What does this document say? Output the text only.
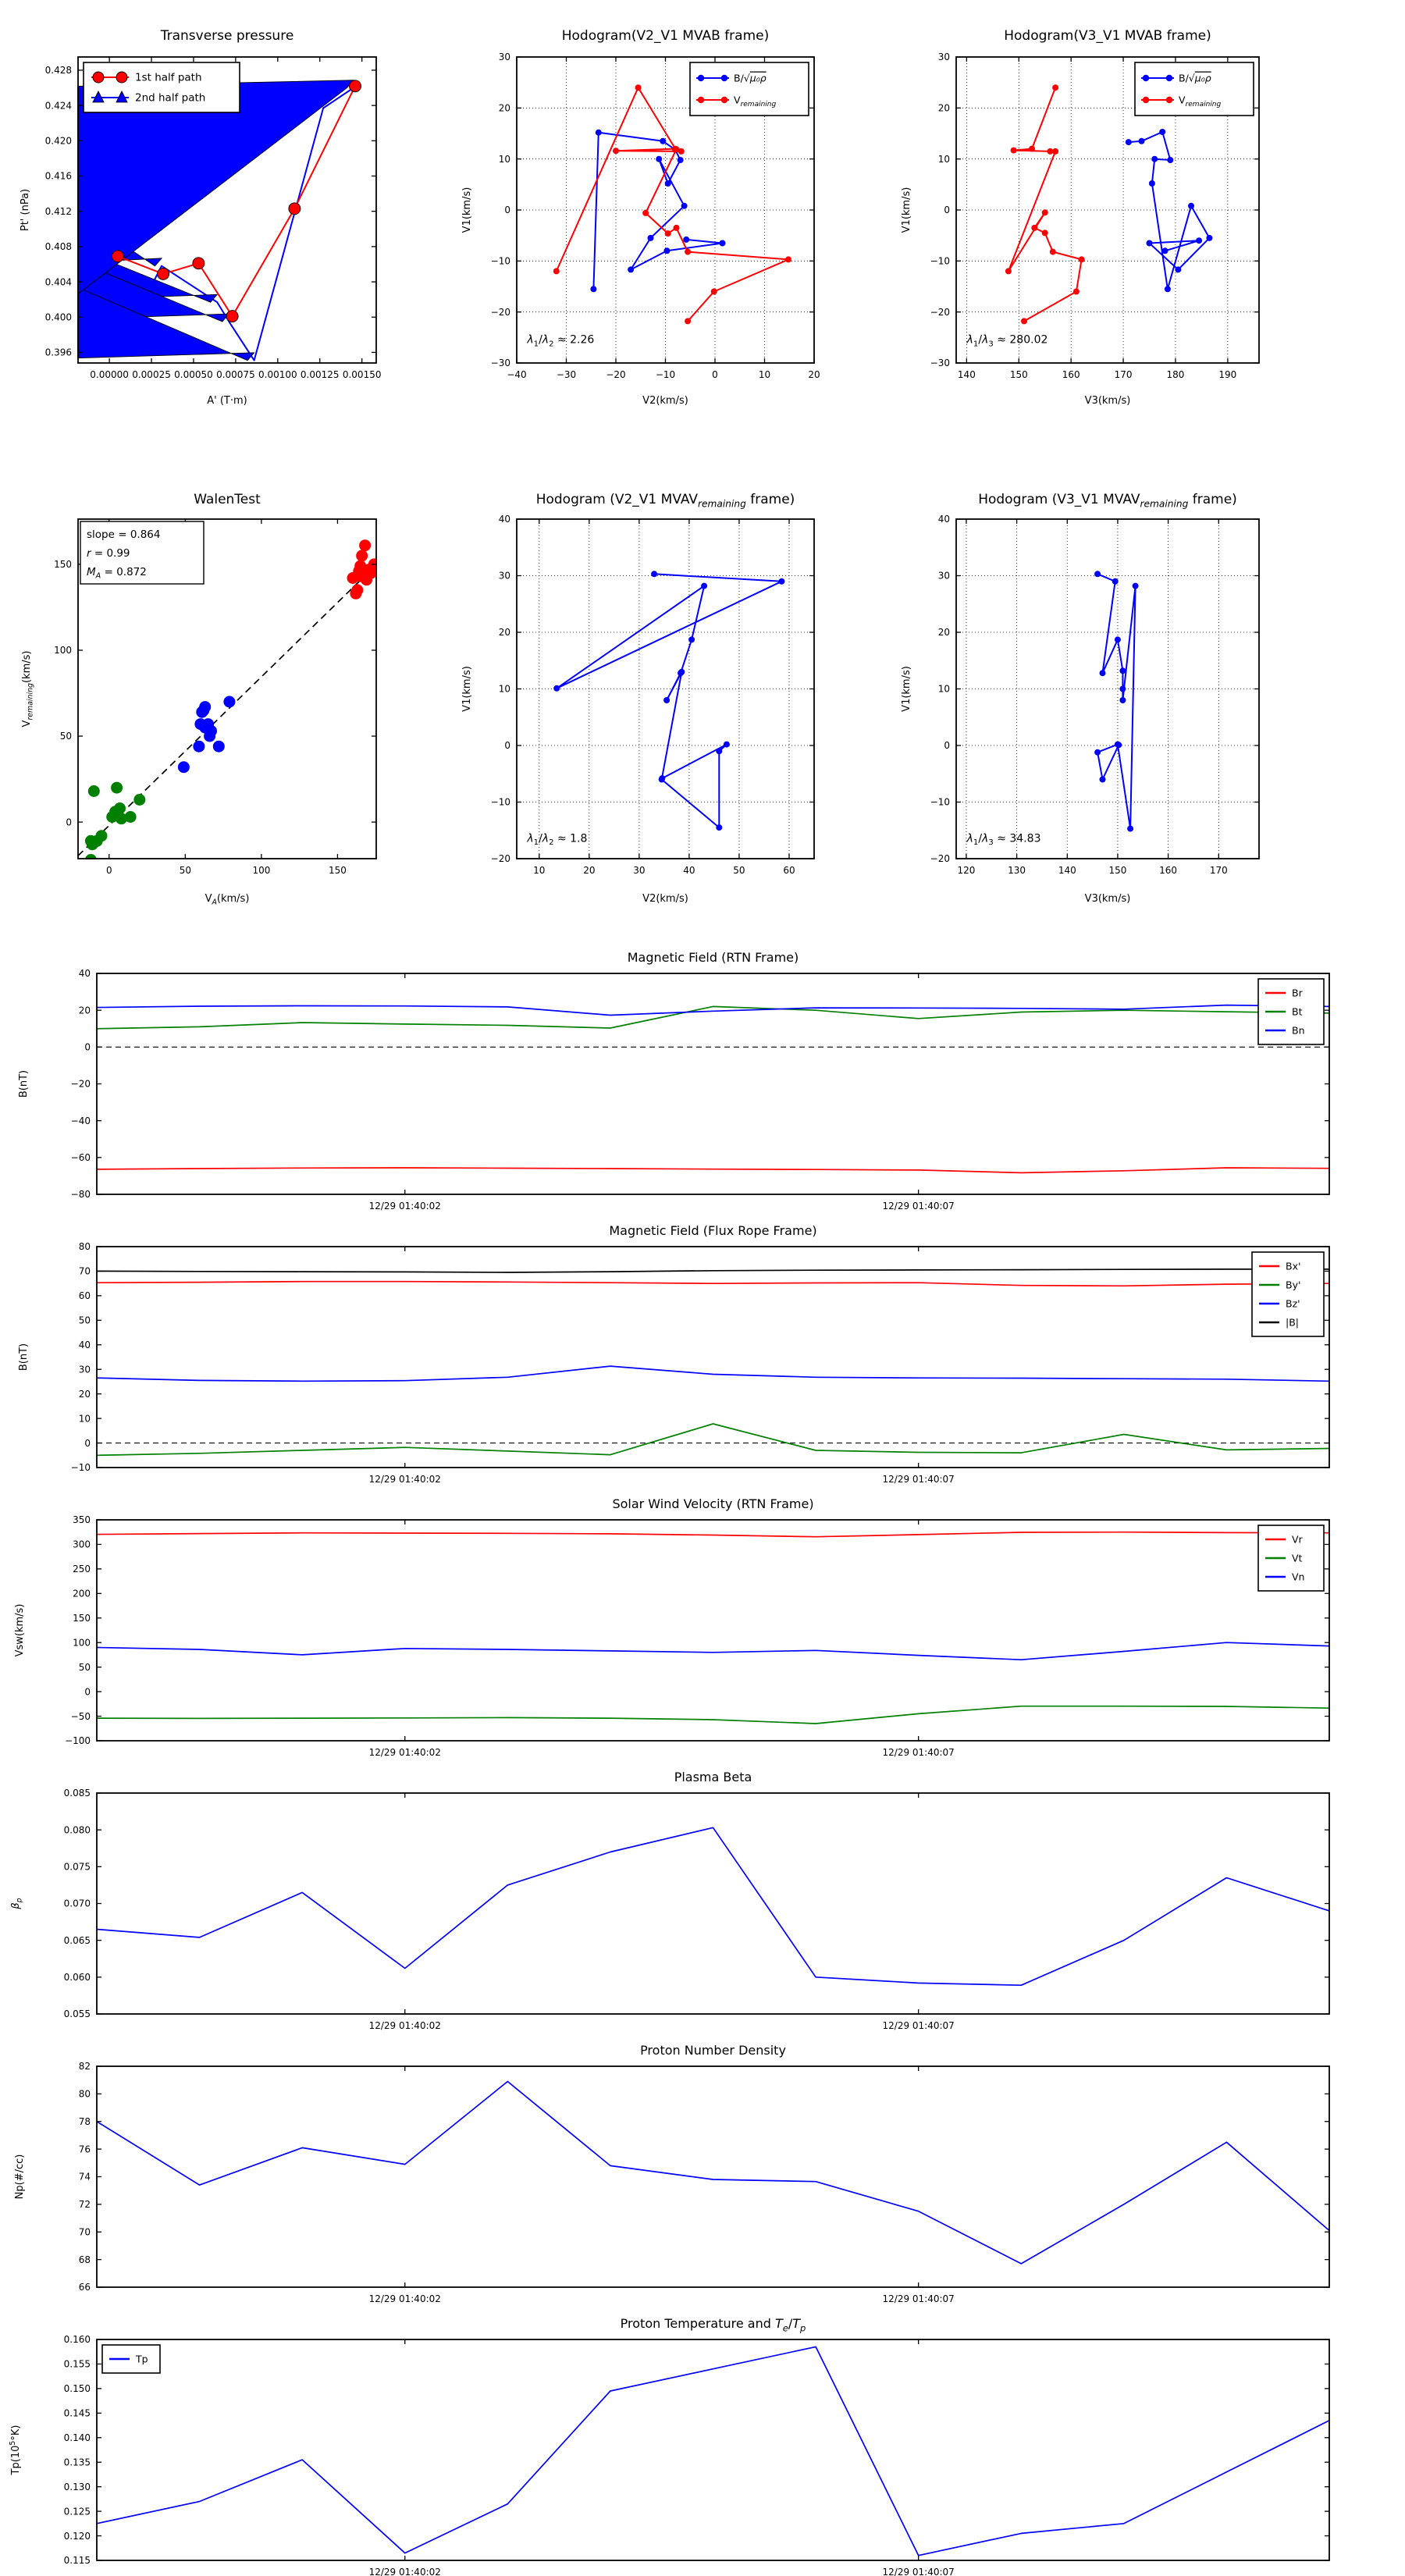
0.00000 0.00025 0.00050 0.00075 0.00100 0.00125 0.00150
0.396
0.400
0.404
0.408
0.412
0.416
0.420
0.424
0.428
Transverse pressure
A' (T·m)
Pt' (nPa)
1st half path
2nd half path
−40	−30	−20	−10	0	10	20
−30
−20
−10
0
10
20
30
Hodogram(V2_V1 MVAB frame)
V2(km/s)
V1(km/s)
$\lambda_1/\lambda_2 \approx 2.26$
B/√μ₀ρ
$V_{remaining}$
140	150	160	170	180	190
−30
−20
−10
0
10
20
30
Hodogram(V3_V1 MVAB frame)
V3(km/s)
V1(km/s)
$\lambda_1/\lambda_3 \approx 280.02$
B/√μ₀ρ
$V_{remaining}$
0	50	100	150
0
50
100
150
WalenTest
$V_A(km/s)$
$V_{remaining}(km/s)$
slope = 0.864
r = 0.99
$M_A = 0.872$
10	20	30	40	50	60
−20
−10
0
10
20
30
40
Hodogram (V2_V1 $MVAV_{remaining}$ frame)
V2(km/s)
V1(km/s)
$\lambda_1/\lambda_2 \approx 1.8$
120	130	140	150	160	170
−20
−10
0
10
20
30
40
Hodogram (V3_V1 $MVAV_{remaining}$ frame)
V3(km/s)
V1(km/s)
$\lambda_1/\lambda_3 \approx 34.83$
12/29 01:40:02	12/29 01:40:07
−80
−60
−40
−20
0
20
40
Magnetic Field (RTN Frame)
B(nT)
Br
Bt
Bn
12/29 01:40:02	12/29 01:40:07
−10
0
10
20
30
40
50
60
70
80
Magnetic Field (Flux Rope Frame)
B(nT)
Bx'
By'
Bz'
|B|
12/29 01:40:02	12/29 01:40:07
−100
−50
0
50
100
150
200
250
300
350
Solar Wind Velocity (RTN Frame)
Vsw(km/s)
Vr
Vt
Vn
12/29 01:40:02	12/29 01:40:07
0.055
0.060
0.065
0.070
0.075
0.080
0.085
Plasma Beta
$\beta_p$
12/29 01:40:02	12/29 01:40:07
66
68
70
72
74
76
78
80
82
Proton Number Density
Np(#/cc)
12/29 01:40:02	12/29 01:40:07
0.115
0.120
0.125
0.130
0.135
0.140
0.145
0.150
0.155
0.160
Proton Temperature and $T_e/T_p$
$Tp(10^5^\circ K)$
Tp
